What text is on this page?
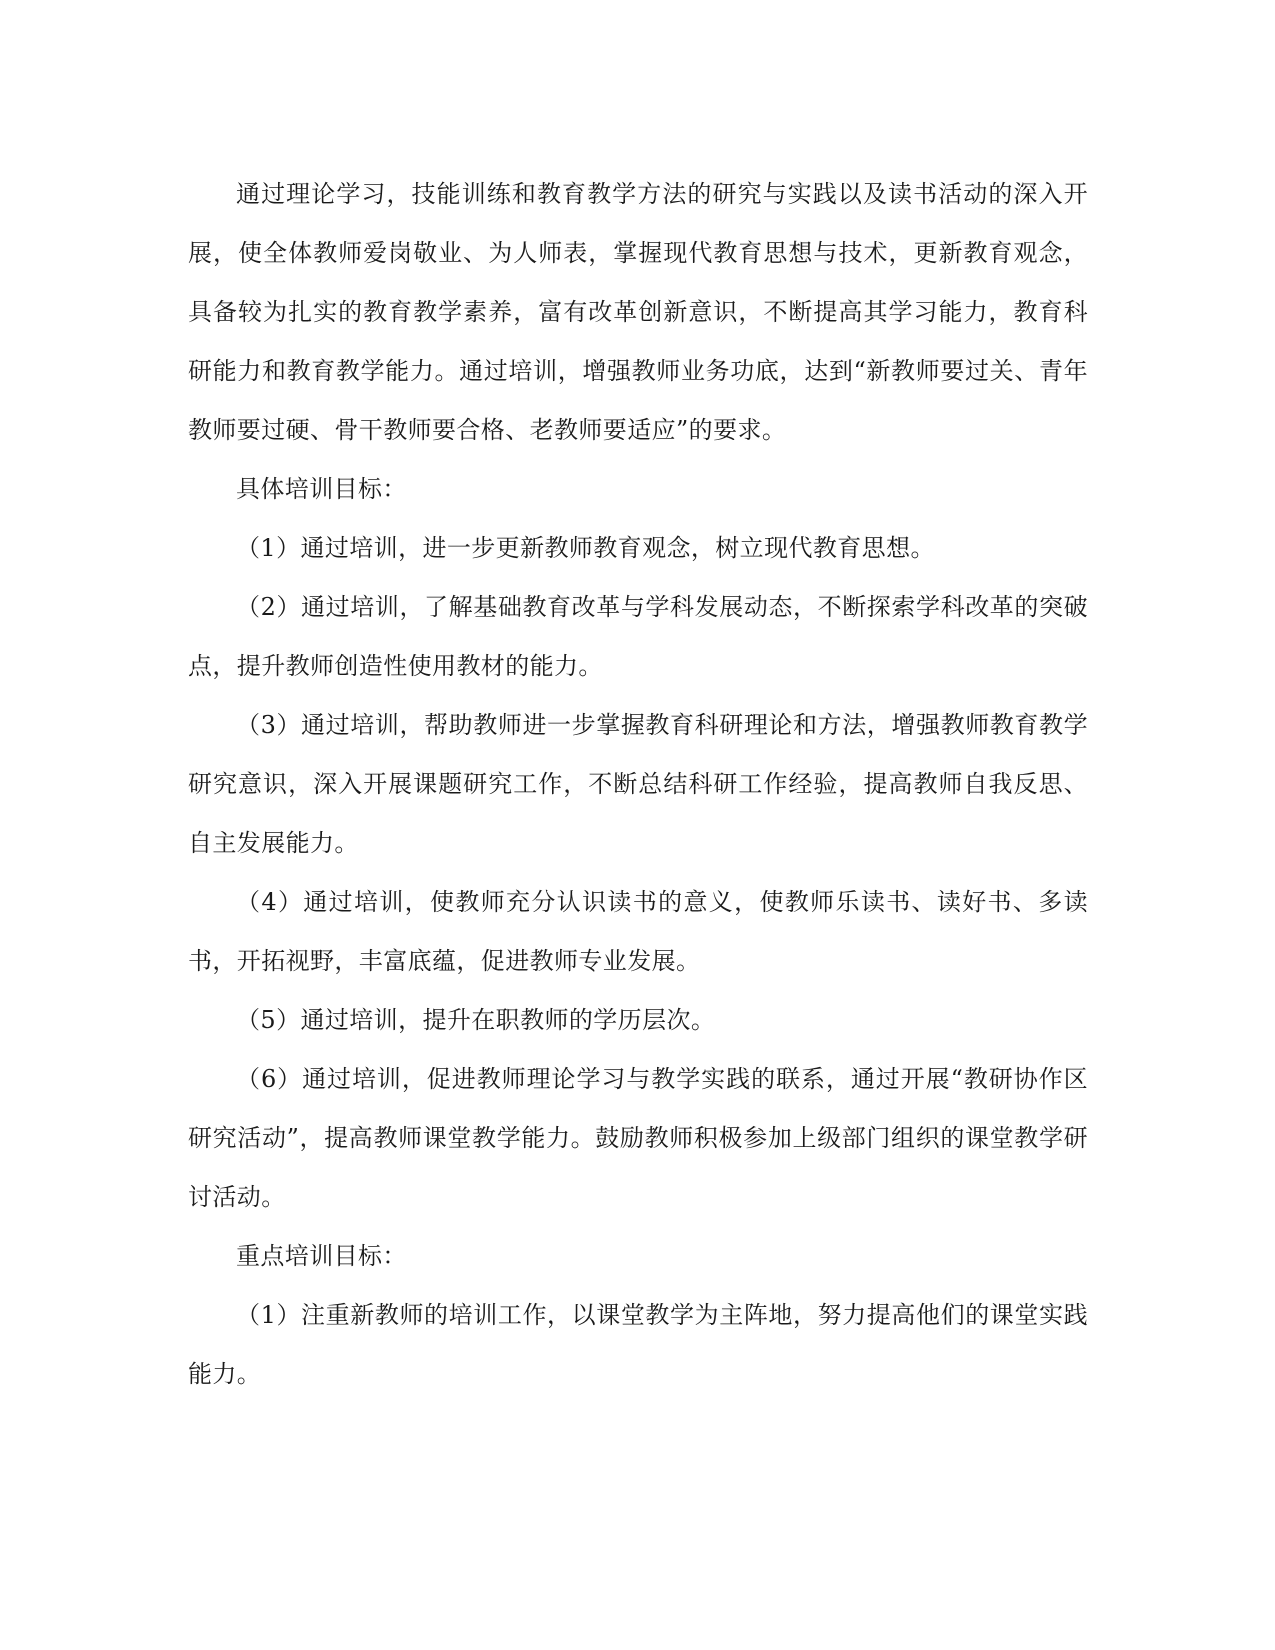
通过理论学习，技能训练和教育教学方法的研究与实践以及读书活动的深入开展，使全体教师爱岗敬业、为人师表，掌握现代教育思想与技术，更新教育观念，具备较为扎实的教育教学素养，富有改革创新意识，不断提高其学习能力，教育科研能力和教育教学能力。通过培训，增强教师业务功底，达到“新教师要过关、青年教师要过硬、骨干教师要合格、老教师要适应”的要求。

具体培训目标：

（1）通过培训，进一步更新教师教育观念，树立现代教育思想。

（2）通过培训，了解基础教育改革与学科发展动态，不断探索学科改革的突破点，提升教师创造性使用教材的能力。

（3）通过培训，帮助教师进一步掌握教育科研理论和方法，增强教师教育教学研究意识，深入开展课题研究工作，不断总结科研工作经验，提高教师自我反思、自主发展能力。

（4）通过培训，使教师充分认识读书的意义，使教师乐读书、读好书、多读书，开拓视野，丰富底蕴，促进教师专业发展。

（5）通过培训，提升在职教师的学历层次。

（6）通过培训，促进教师理论学习与教学实践的联系，通过开展“教研协作区研究活动”，提高教师课堂教学能力。鼓励教师积极参加上级部门组织的课堂教学研讨活动。

重点培训目标：

（1）注重新教师的培训工作，以课堂教学为主阵地，努力提高他们的课堂实践能力。
